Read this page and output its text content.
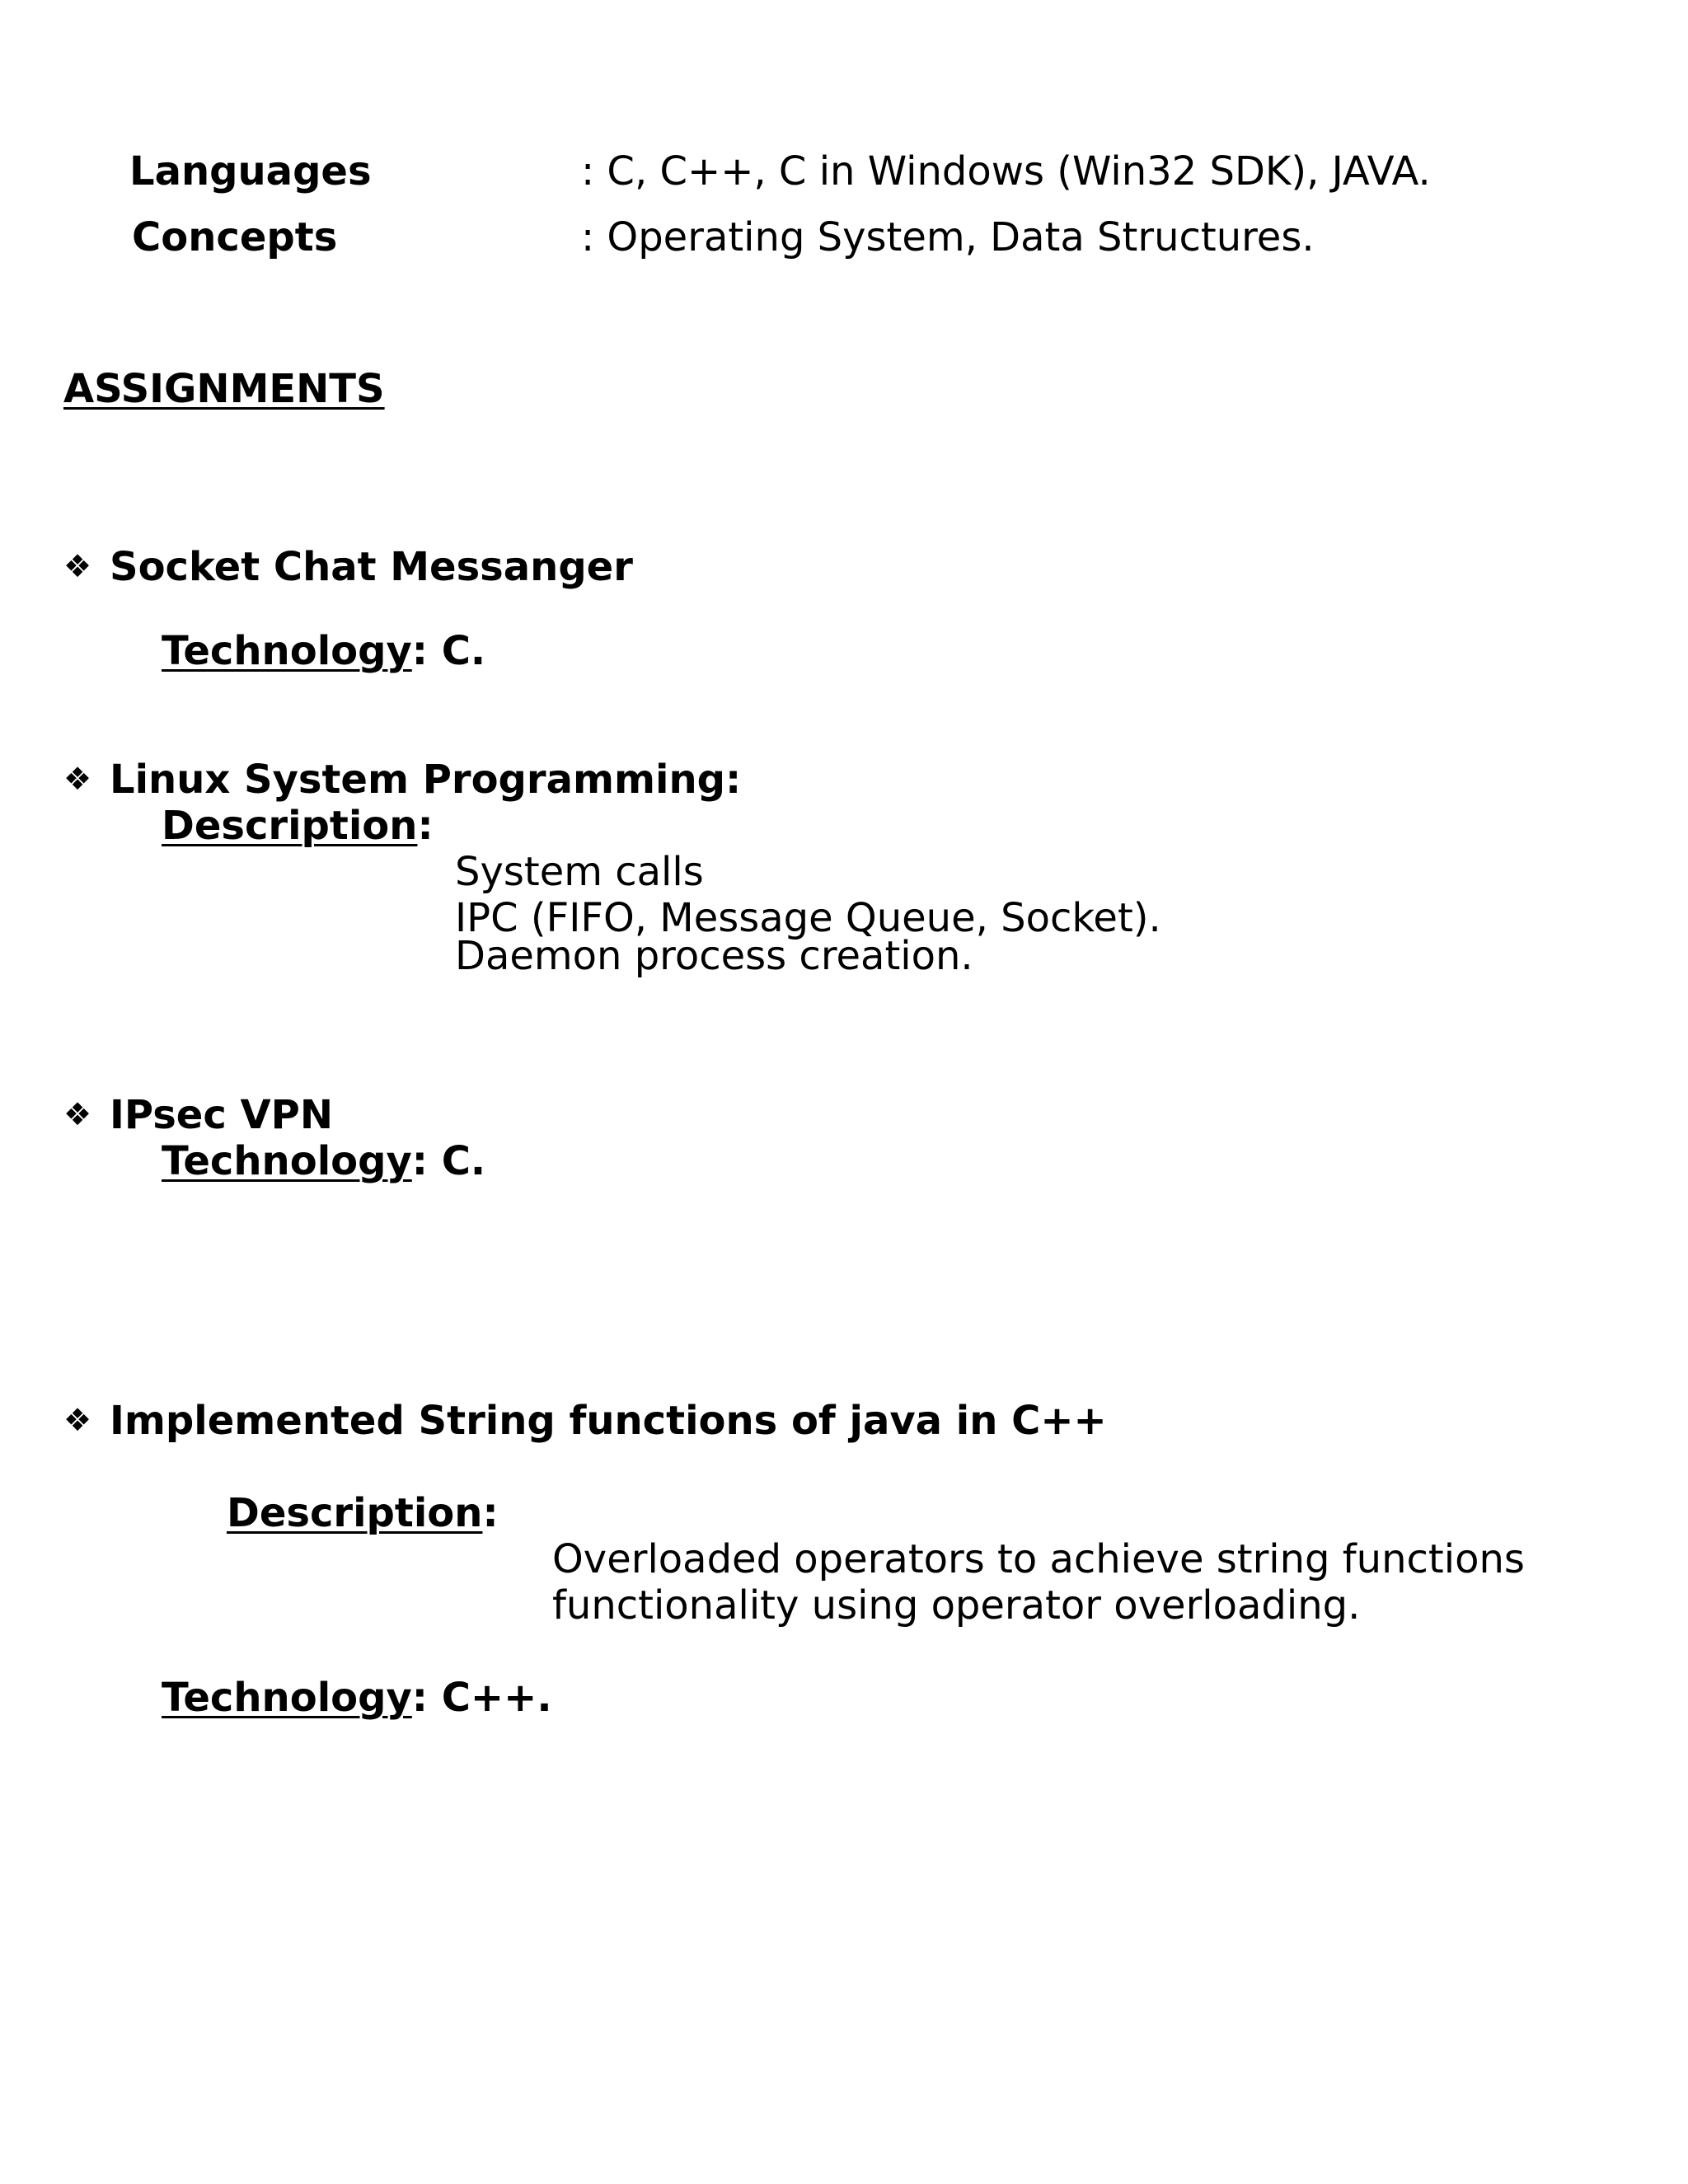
Languages	: C, C++, C in Windows (Win32 SDK), JAVA.
Concepts	: Operating System, Data Structures.
ASSIGNMENTS
❖ Socket Chat Messanger
Technology: C.
❖ Linux System Programming:
Description:
System calls
IPC (FIFO, Message Queue, Socket).
Daemon process creation.
❖ IPsec VPN
Technology: C.
❖ Implemented String functions of java in C++
Description:
Overloaded operators to achieve string functions
functionality using operator overloading.
Technology: C++.
